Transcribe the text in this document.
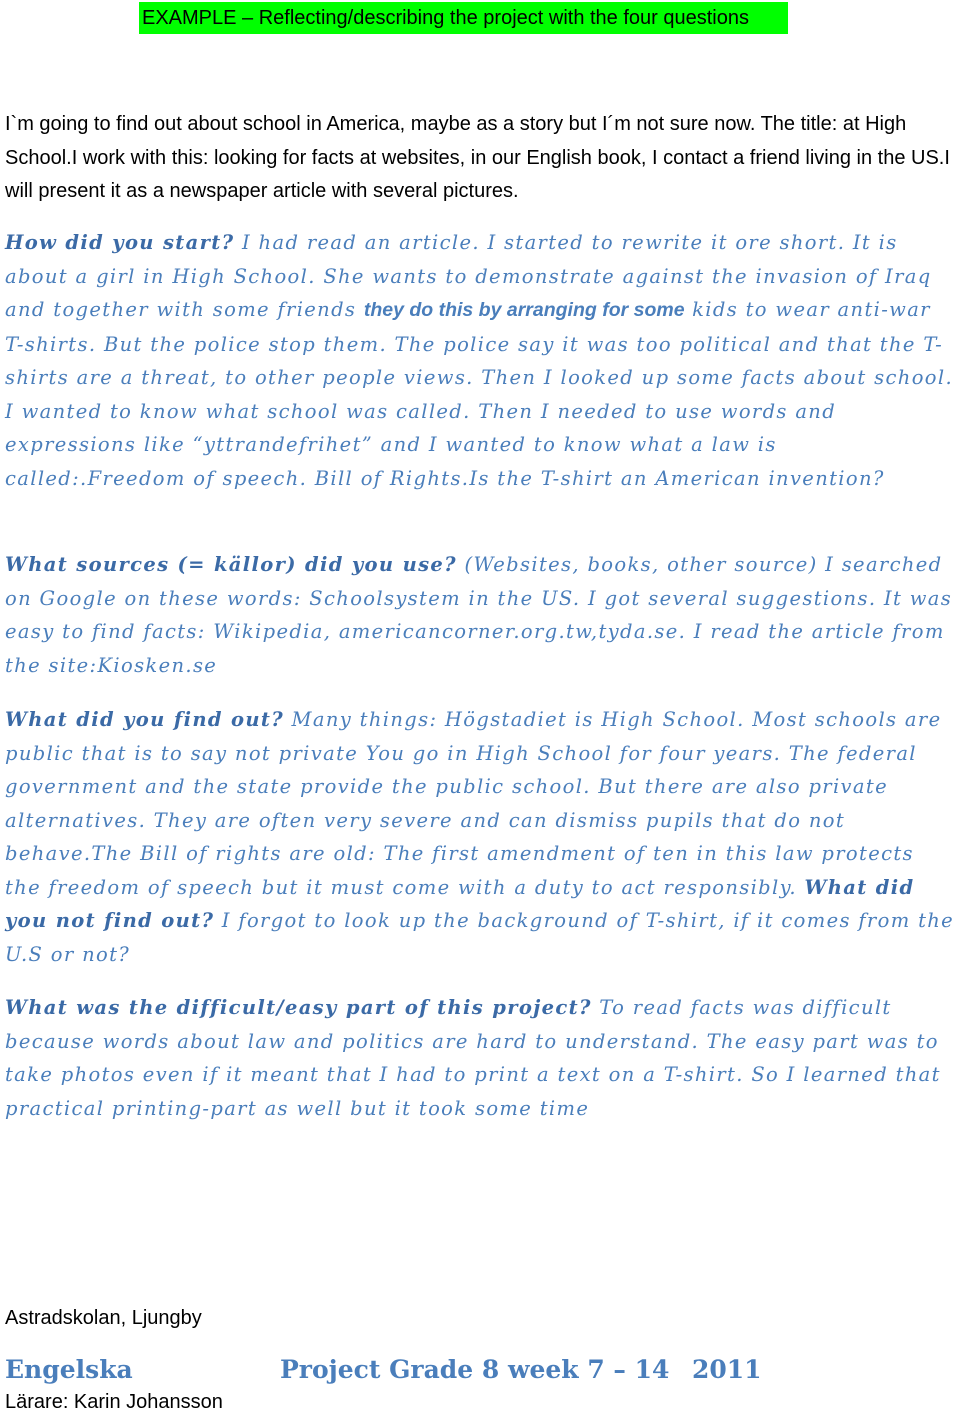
EXAMPLE – Reflecting/describing the project with the four questions

I`m going to find out about school in America, maybe as a story but I´m not sure now. The title: at High School.I work with this: looking for facts at websites, in our English book, I contact a friend living in the US.I will present it as a newspaper article with several pictures.

How did you start? I had read an article. I started to rewrite it ore short. It is about a girl in High School. She wants to demonstrate against the invasion of Iraq and together with some friends they do this by arranging for some kids to wear anti-war T-shirts. But the police stop them. The police say it was too political and that the T-shirts are a threat, to other people views. Then I looked up some facts about school. I wanted to know what school was called. Then I needed to use words and expressions like “yttrandefrihet” and I wanted to know what a law is called:.Freedom of speech. Bill of Rights.Is the T-shirt an American invention?

What sources (= källor) did you use? (Websites, books, other source) I searched on Google on these words: Schoolsystem in the US. I got several suggestions. It was easy to find facts: Wikipedia, americancorner.org.tw,tyda.se. I read the article from the site:Kiosken.se

What did you find out? Many things: Högstadiet is High School. Most schools are public that is to say not private You go in High School for four years. The federal government and the state provide the public school. But there are also private alternatives. They are often very severe and can dismiss pupils that do not behave.The Bill of rights are old: The first amendment of ten in this law protects the freedom of speech but it must come with a duty to act responsibly. What did you not find out? I forgot to look up the background of T-shirt, if it comes from the U.S or not?

What was the difficult/easy part of this project? To read facts was difficult because words about law and politics are hard to understand. The easy part was to take photos even if it meant that I had to print a text on a T-shirt. So I learned that practical printing-part as well but it took some time

Astradskolan, Ljungby
Engelska	Project Grade 8 week 7 – 14 2011
Lärare: Karin Johansson
